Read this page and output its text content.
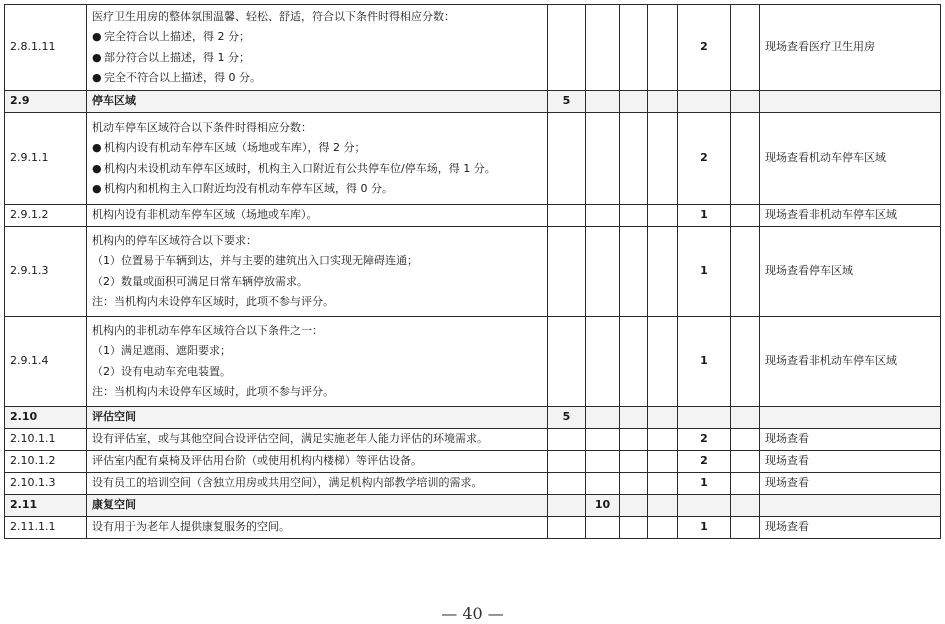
2.8.1.11	医疗卫生用房的整体氛围温馨、轻松、舒适，符合以下条件时得相应分数：
● 完全符合以上描述，得 2 分；
● 部分符合以上描述，得 1 分；
● 完全不符合以上描述，得 0 分。					2		现场查看医疗卫生用房
2.9	停车区域	5						
2.9.1.1	机动车停车区域符合以下条件时得相应分数：
● 机构内设有机动车停车区域（场地或车库），得 2 分；
● 机构内未设机动车停车区域时，机构主入口附近有公共停车位/停车场，得 1 分。
● 机构内和机构主入口附近均没有机动车停车区域，得 0 分。					2		现场查看机动车停车区域
2.9.1.2	机构内设有非机动车停车区域（场地或车库）。					1		现场查看非机动车停车区域
2.9.1.3	机构内的停车区域符合以下要求：
（1）位置易于车辆到达，并与主要的建筑出入口实现无障碍连通；
（2）数量或面积可满足日常车辆停放需求。
注：当机构内未设停车区域时，此项不参与评分。					1		现场查看停车区域
2.9.1.4	机构内的非机动车停车区域符合以下条件之一：
（1）满足遮雨、遮阳要求；
（2）设有电动车充电装置。
注：当机构内未设停车区域时，此项不参与评分。					1		现场查看非机动车停车区域
2.10	评估空间	5						
2.10.1.1	设有评估室，或与其他空间合设评估空间，满足实施老年人能力评估的环境需求。					2		现场查看
2.10.1.2	评估室内配有桌椅及评估用台阶（或使用机构内楼梯）等评估设备。					2		现场查看
2.10.1.3	设有员工的培训空间（含独立用房或共用空间），满足机构内部教学培训的需求。					1		现场查看
2.11	康复空间		10					
2.11.1.1	设有用于为老年人提供康复服务的空间。					1		现场查看
— 40 —
